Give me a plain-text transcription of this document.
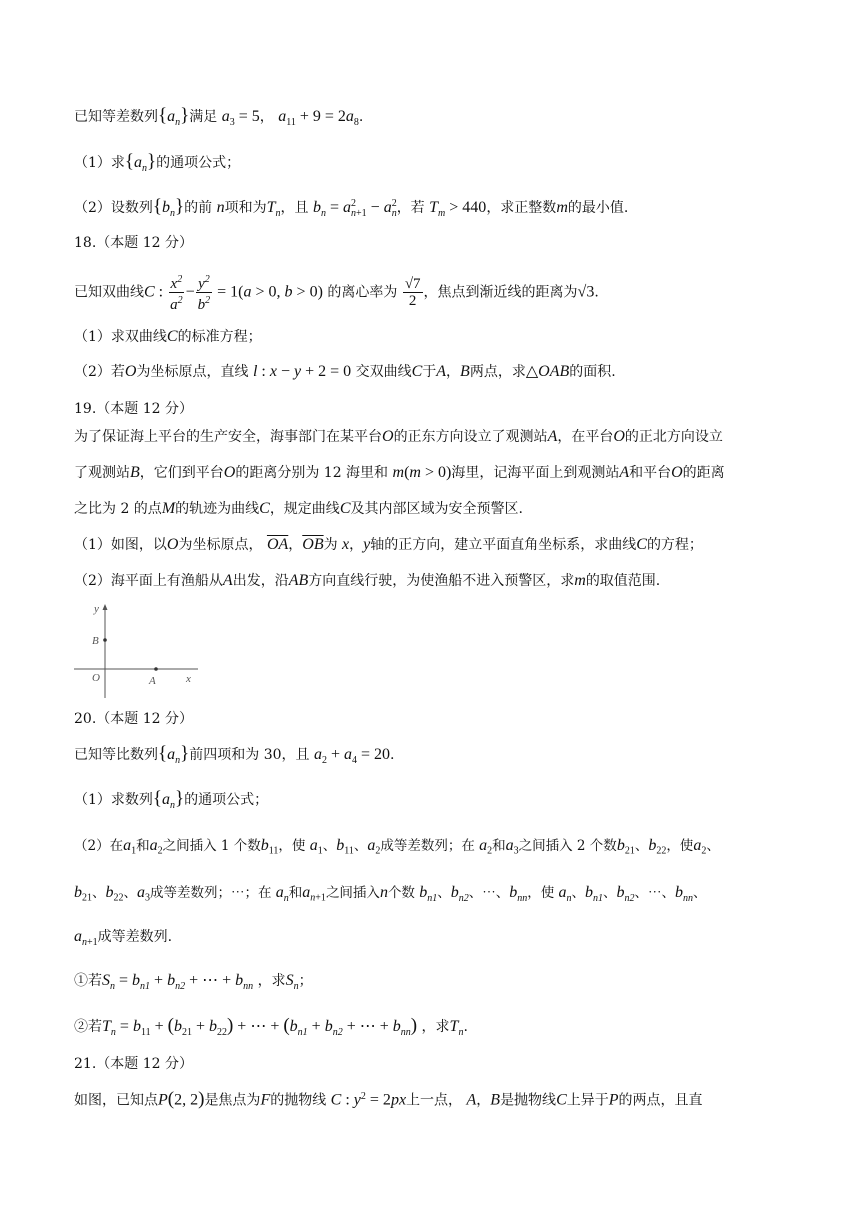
已知等差数列$\{a_n\}$满足 $a_3 = 5$， $a_{11} + 9 = 2a_8$.
（1）求$\{a_n\}$的通项公式；
（2）设数列$\{b_n\}$的前 n项和为$T_n$，且 $b_n = a$ $_{2 n+1}$ − a $_{2 n}$，若 $T_m > 440$，求正整数m的最小值.
18.（本题 12 分）
已知双曲线C : $\frac{x^2}{a^2} - \frac{y^2}{b^2} = 1(a > 0$, b > 0) 的离心率为 $\frac{√7}{2}$ ，焦点到渐近线的距离为√3.
（1）求双曲线C的标准方程；
（2）若O为坐标原点，直线 l : x − y + 2 = 0 交双曲线C于A，B两点，求△OAB的面积.
19.（本题 12 分）
为了保证海上平台的生产安全，海事部门在某平台O的正东方向设立了观测站A，在平台O的正北方向设立
了观测站B，它们到平台O的距离分别为 12 海里和 m(m > 0)海里，记海平面上到观测站A和平台O的距离
之比为 2 的点M的轨迹为曲线C，规定曲线C及其内部区域为安全预警区.
（1）如图，以O为坐标原点， $\overline{OA}$，$\overline{OB}$为 x，y轴的正方向，建立平面直角坐标系，求曲线C的方程；
（2）海平面上有渔船从A出发，沿AB方向直线行驶，为使渔船不进入预警区，求m的取值范围.
y
B
O	A	x
20.（本题 12 分）
已知等比数列$\{a_n\}$前四项和为 30，且 $a_2 + a_4 = 20$.
（1）求数列$\{a_n\}$的通项公式；
（2）在$a_1$和$a_2$之间插入 1 个数$b_{11}$，使 $a_1$、$b_{11}$、$a_2$成等差数列；在 $a_2$和$a_3$之间插入 2 个数$b_{21}$、$b_{22}$，使$a_2$、
$b_{21}$、$b_{22}$、$a_3$成等差数列；⋯；在 $a_n$和$a_{n+1}$之间插入n个数 $b_{n1}$、$b_{n2}$、⋯、$b_{nn}$，使 $a_n$、$b_{n1}$、$b_{n2}$、⋯、$b_{nn}$、
$a_{n+1}$成等差数列.
①若$S_n = b_{n1} + b_{n2}$ + ⋯ + $b_{nn}$ ，求$S_n$；
②若$T_n = b_{11} + (b_{21} + b_{22})$ + ⋯ + ($b_{n1} + b_{n2}$ + ⋯ + $b_{nn}$) ，求$T_n$.
21.（本题 12 分）
如图，已知点P(2, 2)是焦点为F的抛物线 C : $y^2 = 2px$上一点， A，B是抛物线C上异于P的两点，且直
